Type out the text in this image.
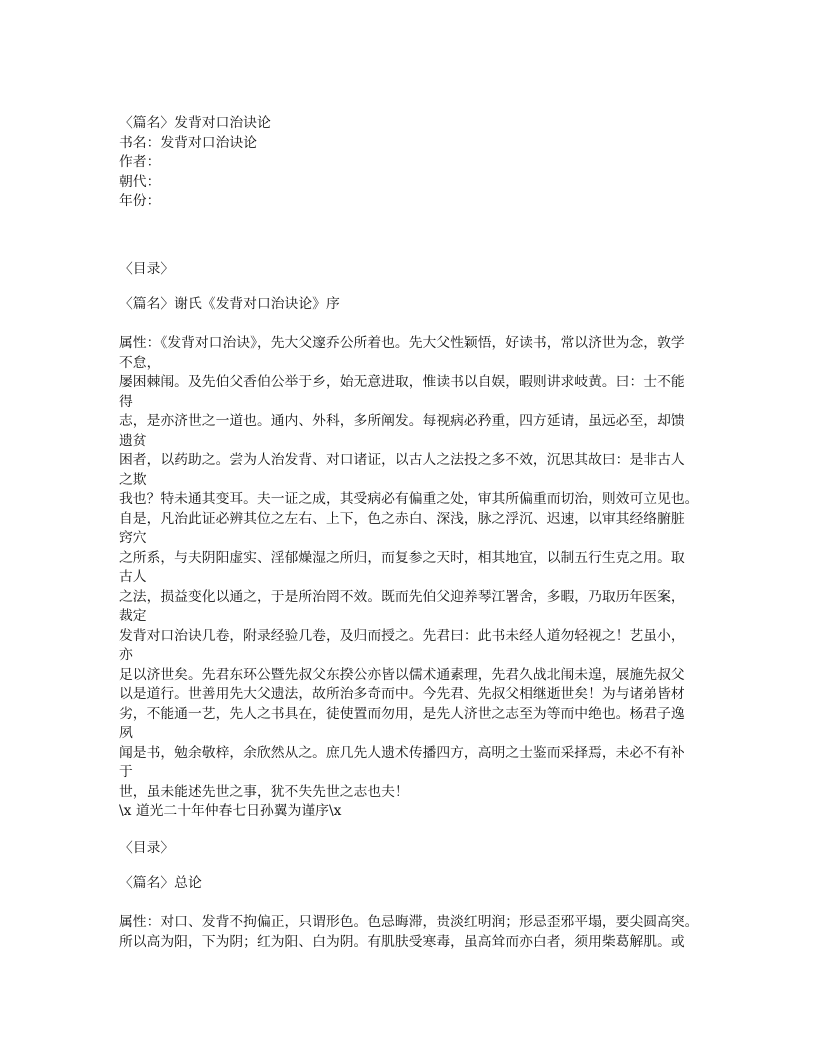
〈篇名〉发背对口治诀论
书名：发背对口治诀论
作者：
朝代：
年份：
〈目录〉
〈篇名〉谢氏《发背对口治诀论》序
属性：《发背对口治诀》，先大父邃乔公所着也。先大父性颖悟，好读书，常以济世为念，敦学
不怠，
屡困棘闱。及先伯父香伯公举于乡，始无意进取，惟读书以自娱，暇则讲求岐黄。曰：士不能
得
志，是亦济世之一道也。通内、外科，多所阐发。每视病必矜重，四方延请，虽远必至，却馈
遗贫
困者，以药助之。尝为人治发背、对口诸证，以古人之法投之多不效，沉思其故曰：是非古人
之欺
我也？特未通其变耳。夫一证之成，其受病必有偏重之处，审其所偏重而切治，则效可立见也。
自是，凡治此证必辨其位之左右、上下，色之赤白、深浅，脉之浮沉、迟速，以审其经络腑脏
窍穴
之所系，与夫阴阳虚实、淫郁燥湿之所归，而复参之天时，相其地宜，以制五行生克之用。取
古人
之法，损益变化以通之，于是所治罔不效。既而先伯父迎养琴江署舍，多暇，乃取历年医案，
裁定
发背对口治诀几卷，附录经验几卷，及归而授之。先君曰：此书未经人道勿轻视之！艺虽小，
亦
足以济世矣。先君东环公暨先叔父东揆公亦皆以儒术通素理，先君久战北闱未遑，展施先叔父
以是道行。世善用先大父遗法，故所治多奇而中。今先君、先叔父相继逝世矣！为与诸弟皆材
劣，不能通一艺，先人之书具在，徒使置而勿用，是先人济世之志至为等而中绝也。杨君子逸
夙
闻是书，勉余敬梓，余欣然从之。庶几先人遗术传播四方，高明之士鉴而采择焉，未必不有补
于
世，虽未能述先世之事，犹不失先世之志也夫！
\x 道光二十年仲春七日孙翼为谨序\x
〈目录〉
〈篇名〉总论
属性：对口、发背不拘偏正，只谓形色。色忌晦滞，贵淡红明润；形忌歪邪平塌，要尖圆高突。
所以高为阳，下为阴；红为阳、白为阴。有肌肤受寒毒，虽高耸而亦白者，须用柴葛解肌。或
